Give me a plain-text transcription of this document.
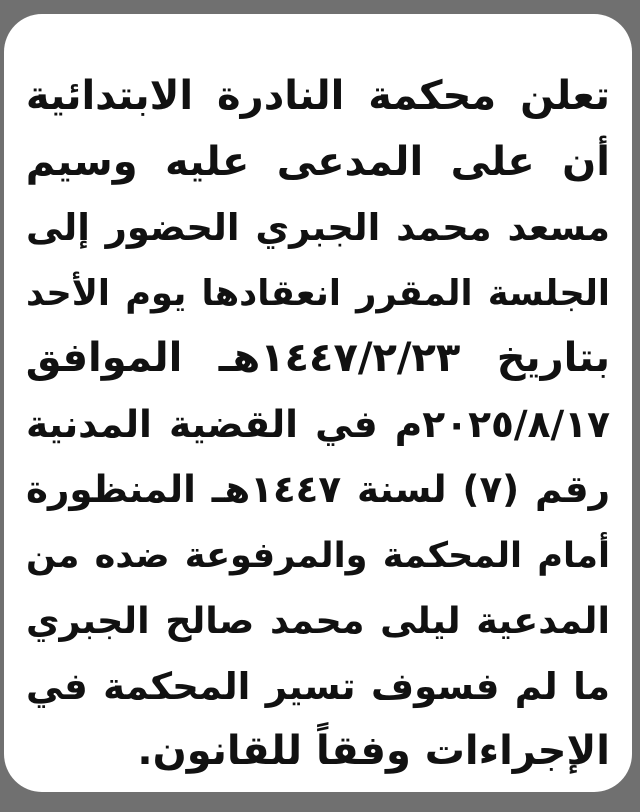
تعلن محكمة النادرة الابتدائية
أن على المدعى عليه وسيم
مسعد محمد الجبري الحضور إلى
الجلسة المقرر انعقادها يوم الأحد
بتاريخ ١٤٤٧/٢/٢٣هـ الموافق
٢٠٢٥/٨/١٧م في القضية المدنية
رقم (٧) لسنة ١٤٤٧هـ المنظورة
أمام المحكمة والمرفوعة ضده من
المدعية ليلى محمد صالح الجبري
ما لم فسوف تسير المحكمة في
الإجراءات وفقاً للقانون.
